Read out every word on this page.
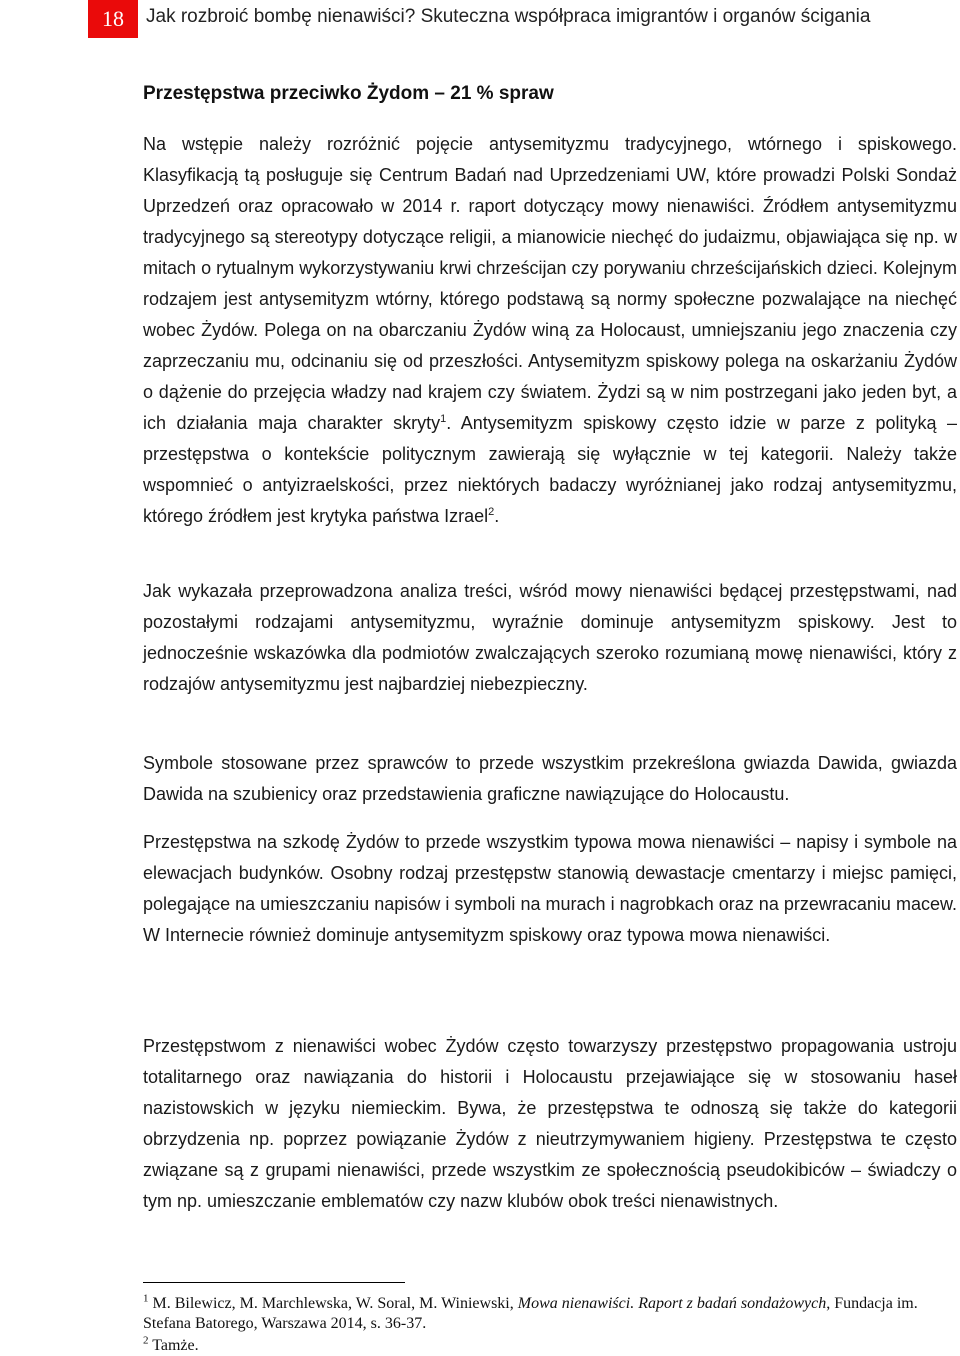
18	Jak rozbroić bombę nienawiści? Skuteczna współpraca imigrantów i organów ścigania
Przestępstwa przeciwko Żydom – 21 % spraw

Na wstępie należy rozróżnić pojęcie antysemityzmu tradycyjnego, wtórnego i spiskowego. Klasyfikacją tą posługuje się Centrum Badań nad Uprzedzeniami UW, które prowadzi Polski Sondaż Uprzedzeń oraz opracowało w 2014 r. raport dotyczący mowy nienawiści. Źródłem antysemityzmu tradycyjnego są stereotypy dotyczące religii, a mianowicie niechęć do judaizmu, objawiająca się np. w mitach o rytualnym wykorzystywaniu krwi chrześcijan czy porywaniu chrześcijańskich dzieci. Kolejnym rodzajem jest antysemityzm wtórny, którego podstawą są normy społeczne pozwalające na niechęć wobec Żydów. Polega on na obarczaniu Żydów winą za Holocaust, umniejszaniu jego znaczenia czy zaprzeczaniu mu, odcinaniu się od przeszłości. Antysemityzm spiskowy polega na oskarżaniu Żydów o dążenie do przejęcia władzy nad krajem czy światem. Żydzi są w nim postrzegani jako jeden byt, a ich działania maja charakter skryty$^1$. Antysemityzm spiskowy często idzie w parze z polityką – przestępstwa o kontekście politycznym zawierają się wyłącznie w tej kategorii. Należy także wspomnieć o antyizraelskości, przez niektórych badaczy wyróżnianej jako rodzaj antysemityzmu, którego źródłem jest krytyka państwa Izrael$^2$.

Jak wykazała przeprowadzona analiza treści, wśród mowy nienawiści będącej przestępstwami, nad pozostałymi rodzajami antysemityzmu, wyraźnie dominuje antysemityzm spiskowy. Jest to jednocześnie wskazówka dla podmiotów zwalczających szeroko rozumianą mowę nienawiści, który z rodzajów antysemityzmu jest najbardziej niebezpieczny.

Symbole stosowane przez sprawców to przede wszystkim przekreślona gwiazda Dawida, gwiazda Dawida na szubienicy oraz przedstawienia graficzne nawiązujące do Holocaustu.

Przestępstwa na szkodę Żydów to przede wszystkim typowa mowa nienawiści – napisy i symbole na elewacjach budynków. Osobny rodzaj przestępstw stanowią dewastacje cmentarzy i miejsc pamięci, polegające na umieszczaniu napisów i symboli na murach i nagrobkach oraz na przewracaniu macew. W Internecie również dominuje antysemityzm spiskowy oraz typowa mowa nienawiści.

Przestępstwom z nienawiści wobec Żydów często towarzyszy przestępstwo propagowania ustroju totalitarnego oraz nawiązania do historii i Holocaustu przejawiające się w stosowaniu haseł nazistowskich w języku niemieckim. Bywa, że przestępstwa te odnoszą się także do kategorii obrzydzenia np. poprzez powiązanie Żydów z nieutrzymywaniem higieny. Przestępstwa te często związane są z grupami nienawiści, przede wszystkim ze społecznością pseudokibiców – świadczy o tym np. umieszczanie emblematów czy nazw klubów obok treści nienawistnych.

$^1$ M. Bilewicz, M. Marchlewska, W. Soral, M. Winiewski, Mowa nienawiści. Raport z badań sondażowych, Fundacja im. Stefana Batorego, Warszawa 2014, s. 36-37.

$^2$ Tamże.
